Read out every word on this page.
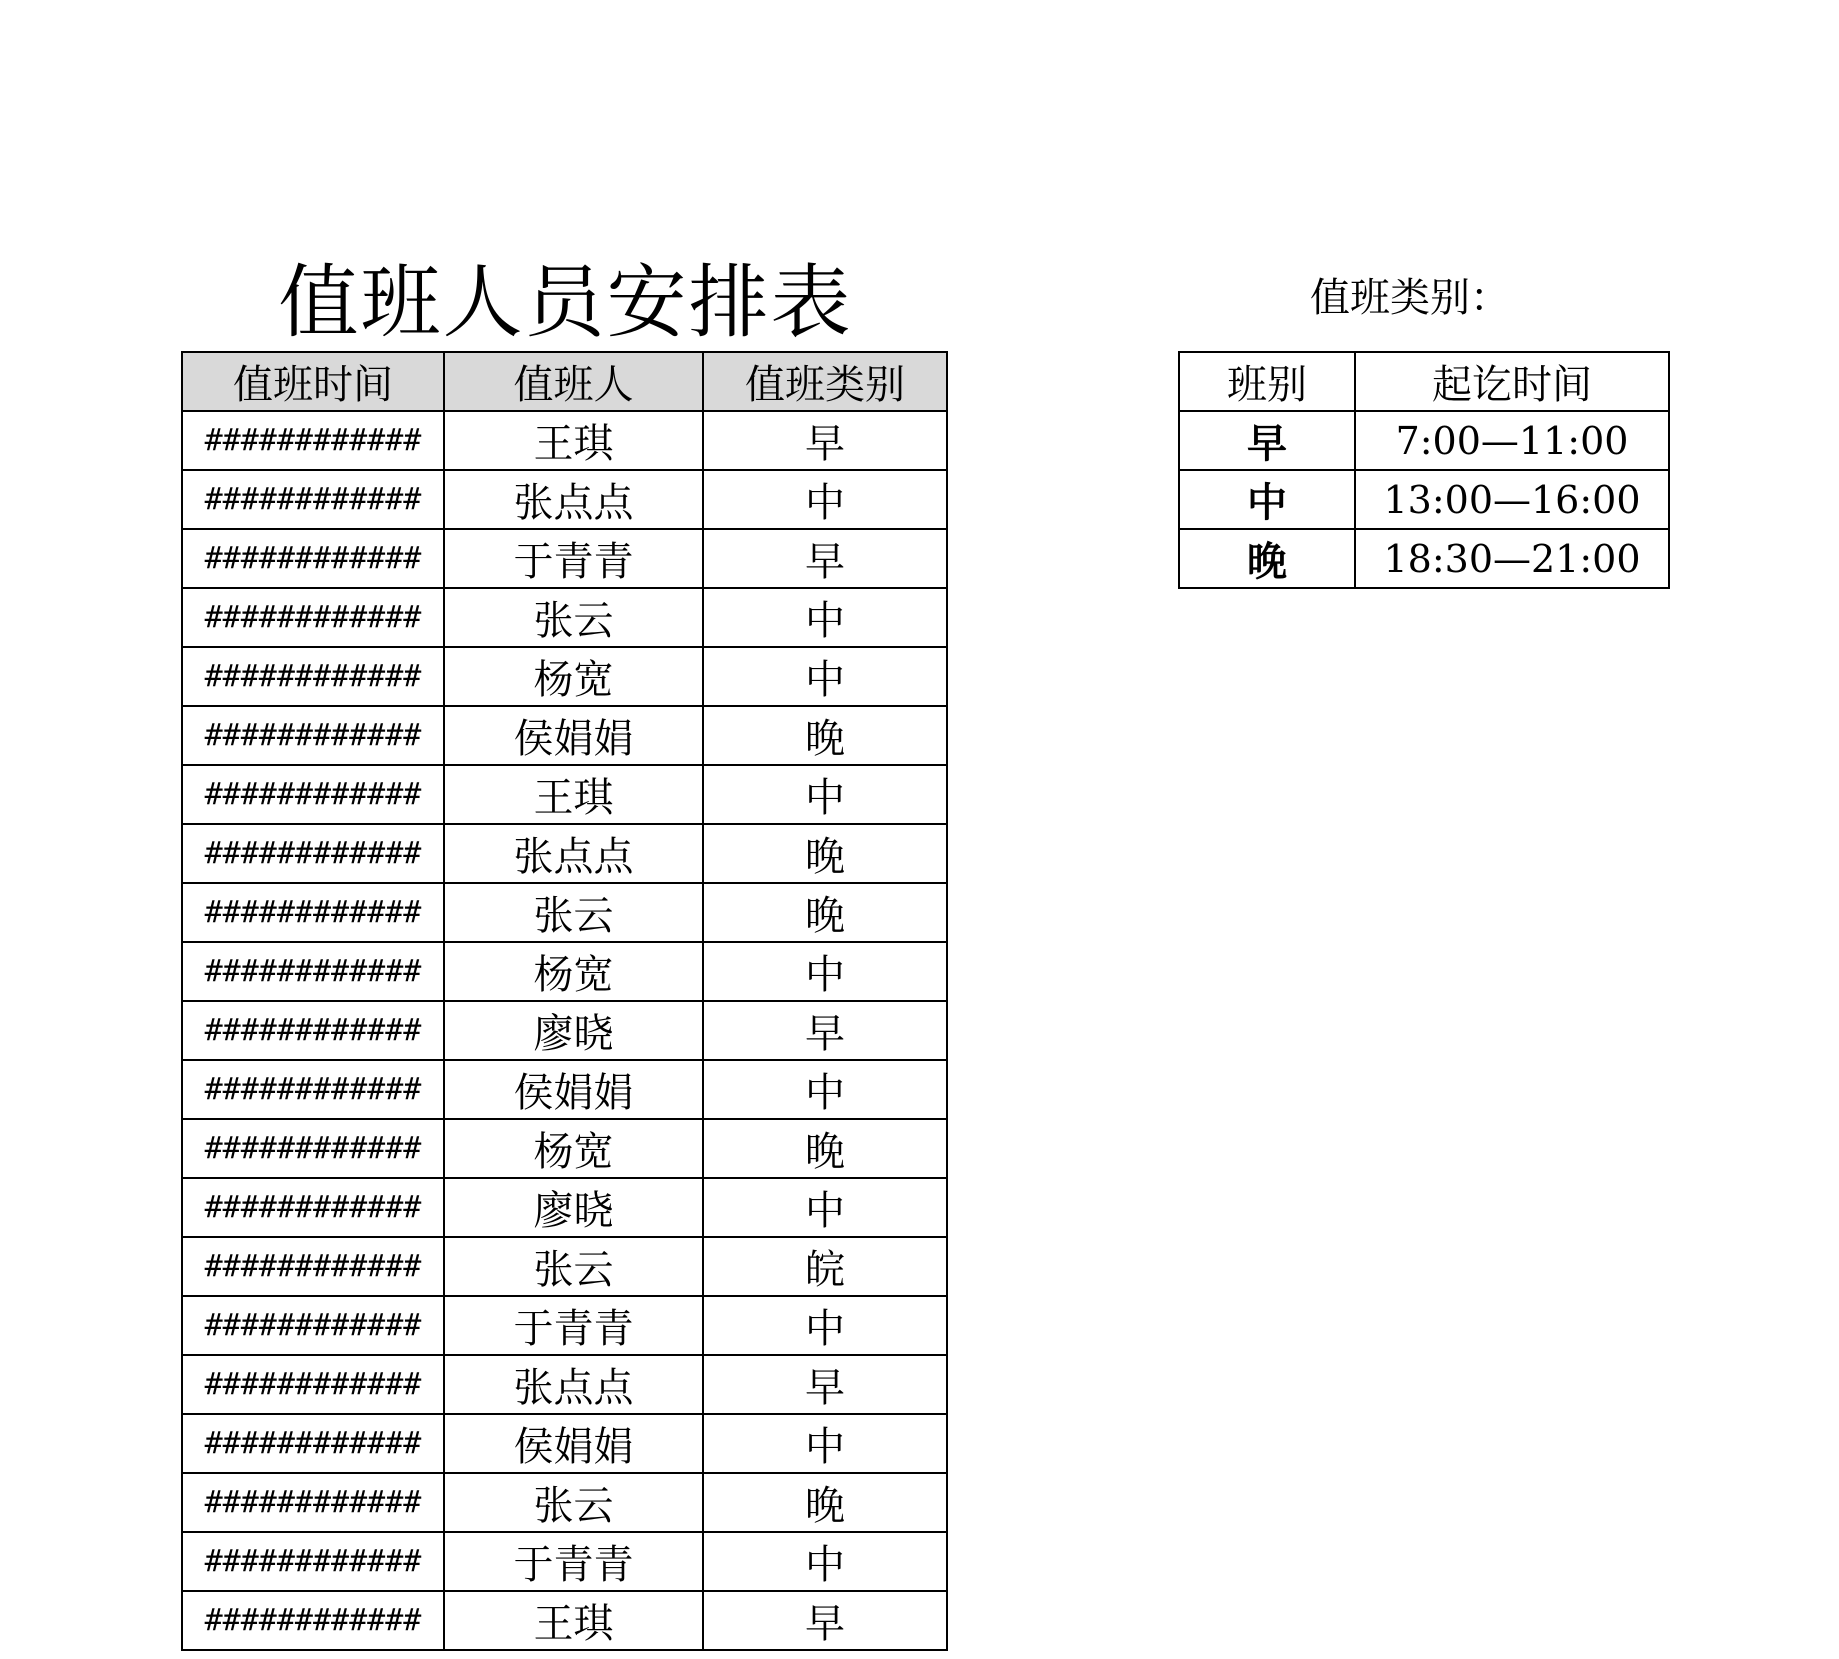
值班人员安排表
值班时间	值班人	值班类别
############	王琪	早
############	张点点	中
############	于青青	早
############	张云	中
############	杨宽	中
############	侯娟娟	晚
############	王琪	中
############	张点点	晚
############	张云	晚
############	杨宽	中
############	廖晓	早
############	侯娟娟	中
############	杨宽	晚
############	廖晓	中
############	张云	皖
############	于青青	中
############	张点点	早
############	侯娟娟	中
############	张云	晚
############	于青青	中
############	王琪	早
值班类别：
班别	起讫时间
早	7:00—11:00
中	13:00—16:00
晚	18:30—21:00
